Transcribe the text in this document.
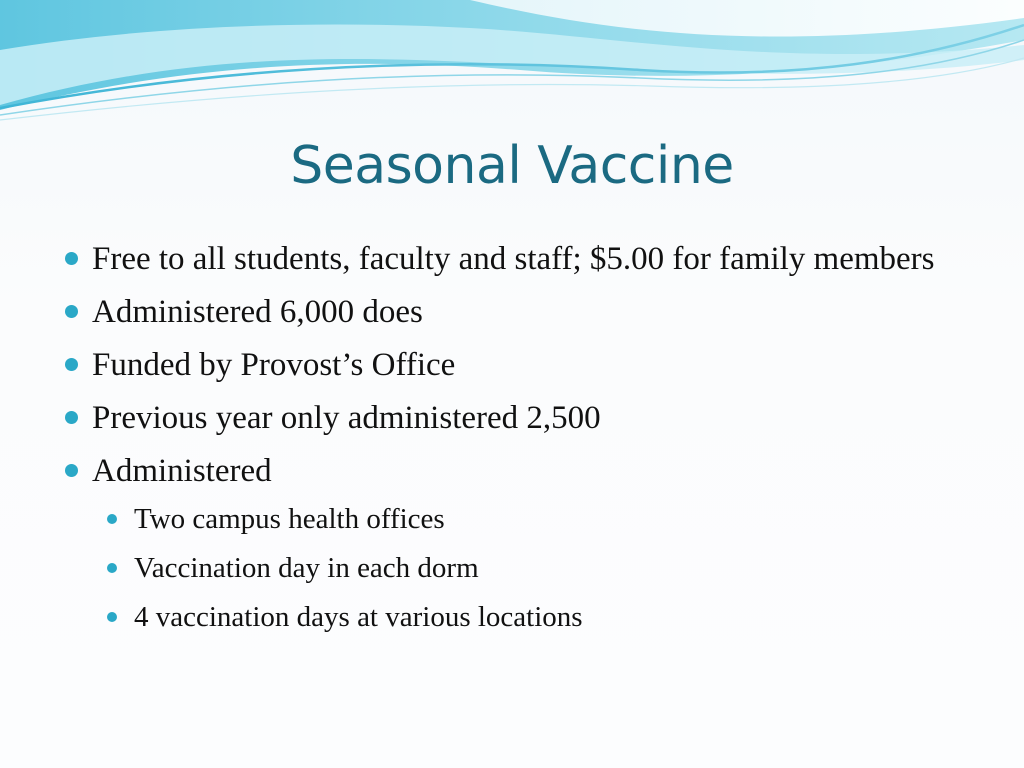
Seasonal Vaccine
Free to all students, faculty and staff; $5.00 for family members
Administered 6,000 does
Funded by Provost’s Office
Previous year only administered 2,500
Administered
Two campus health offices
Vaccination day in each dorm
4 vaccination days at various locations
